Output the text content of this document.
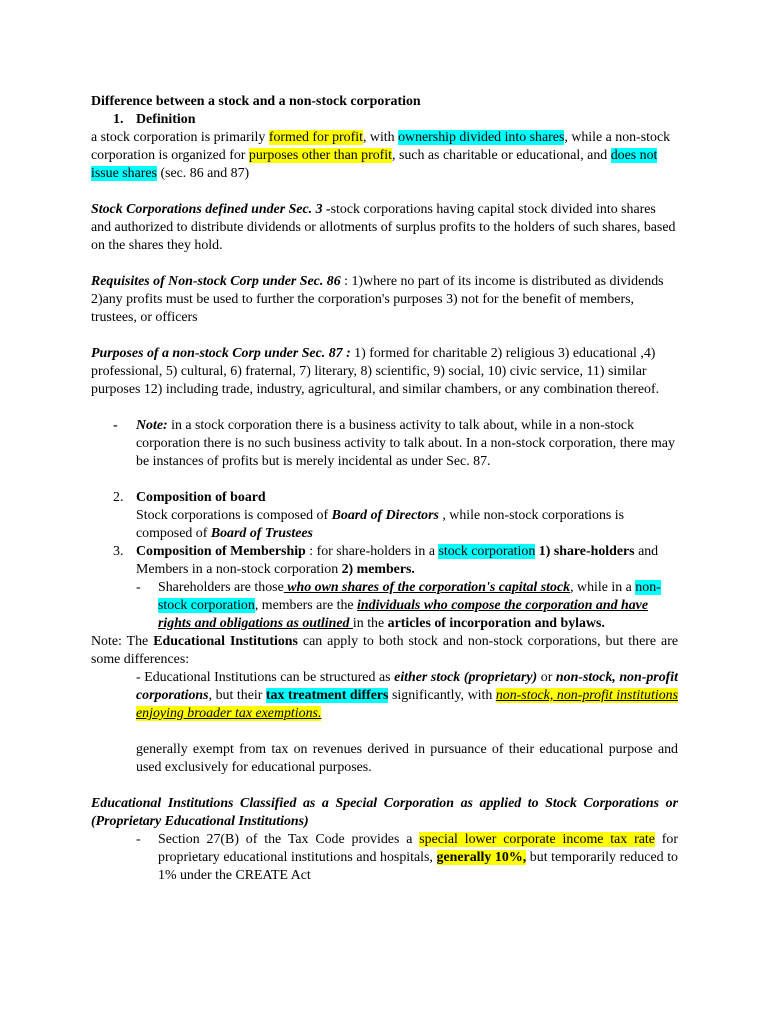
Difference between a stock and a non-stock corporation

1. Definition

a stock corporation is primarily formed for profit, with ownership divided into shares, while a non-stock corporation is organized for purposes other than profit, such as charitable or educational, and does not issue shares (sec. 86 and 87)

Stock Corporations defined under Sec. 3 -stock corporations having capital stock divided into shares and authorized to distribute dividends or allotments of surplus profits to the holders of such shares, based on the shares they hold.

Requisites of Non-stock Corp under Sec. 86 : 1)where no part of its income is distributed as dividends 2)any profits must be used to further the corporation's purposes 3) not for the benefit of members, trustees, or officers

Purposes of a non-stock Corp under Sec. 87 : 1) formed for charitable 2) religious 3) educational ,4) professional, 5) cultural, 6) fraternal, 7) literary, 8) scientific, 9) social, 10) civic service, 11) similar purposes 12) including trade, industry, agricultural, and similar chambers, or any combination thereof.

- Note: in a stock corporation there is a business activity to talk about, while in a non-stock corporation there is no such business activity to talk about. In a non-stock corporation, there may be instances of profits but is merely incidental as under Sec. 87.
2. Composition of board

Stock corporations is composed of Board of Directors , while non-stock corporations is composed of Board of Trustees

3. Composition of Membership : for share-holders in a stock corporation 1) share-holders and Members in a non-stock corporation 2) members.
- Shareholders are those who own shares of the corporation's capital stock, while in a non-stock corporation, members are the individuals who compose the corporation and have rights and obligations as outlined in the articles of incorporation and bylaws.

Note: The Educational Institutions can apply to both stock and non-stock corporations, but there are some differences:

- Educational Institutions can be structured as either stock (proprietary) or non-stock, non-profit corporations, but their tax treatment differs significantly, with non-stock, non-profit institutions enjoying broader tax exemptions.

generally exempt from tax on revenues derived in pursuance of their educational purpose and used exclusively for educational purposes.

Educational Institutions Classified as a Special Corporation as applied to Stock Corporations or (Proprietary Educational Institutions)

- Section 27(B) of the Tax Code provides a special lower corporate income tax rate for proprietary educational institutions and hospitals, generally 10%, but temporarily reduced to 1% under the CREATE Act
